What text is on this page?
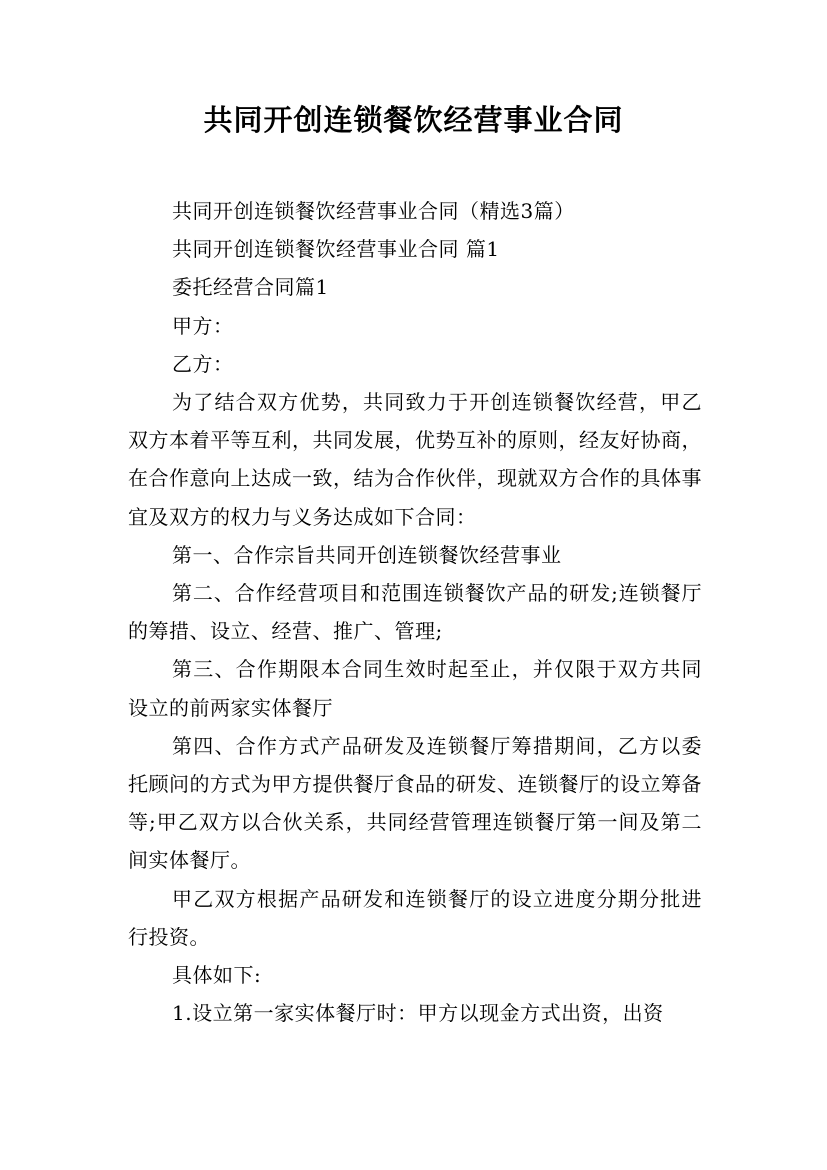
共同开创连锁餐饮经营事业合同

共同开创连锁餐饮经营事业合同（精选3篇）

共同开创连锁餐饮经营事业合同 篇1

委托经营合同篇1

甲方：

乙方：

为了结合双方优势，共同致力于开创连锁餐饮经营，甲乙双方本着平等互利，共同发展，优势互补的原则，经友好协商，在合作意向上达成一致，结为合作伙伴，现就双方合作的具体事宜及双方的权力与义务达成如下合同：

第一、合作宗旨共同开创连锁餐饮经营事业

第二、合作经营项目和范围连锁餐饮产品的研发;连锁餐厅的筹措、设立、经营、推广、管理;

第三、合作期限本合同生效时起至止，并仅限于双方共同设立的前两家实体餐厅

第四、合作方式产品研发及连锁餐厅筹措期间，乙方以委托顾问的方式为甲方提供餐厅食品的研发、连锁餐厅的设立筹备等;甲乙双方以合伙关系，共同经营管理连锁餐厅第一间及第二间实体餐厅。

甲乙双方根据产品研发和连锁餐厅的设立进度分期分批进行投资。

具体如下:

1.设立第一家实体餐厅时：甲方以现金方式出资，出资
